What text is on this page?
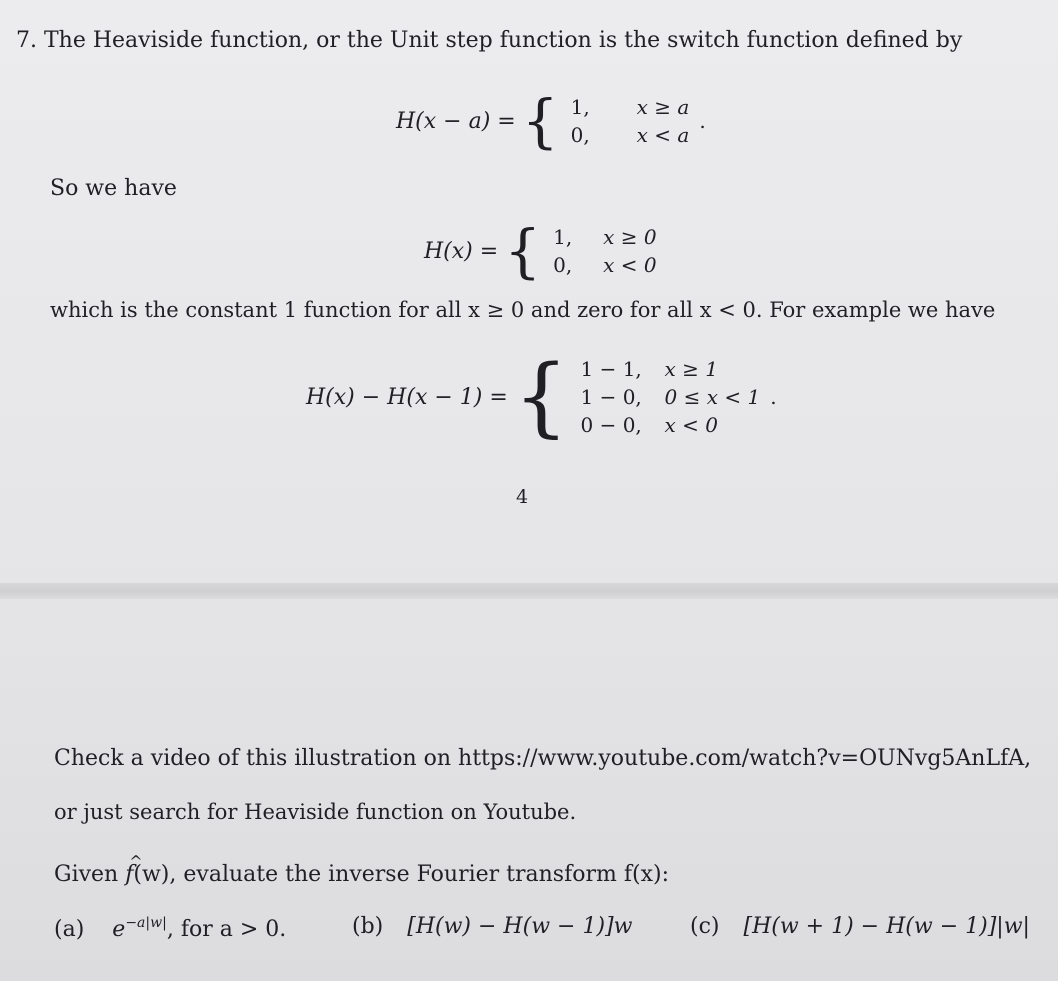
7. The Heaviside function, or the Unit step function is the switch function defined by
H(x − a) = { 1,	x ≥ a
0,	x < a
.
So we have
H(x) = { 1,	x ≥ 0
0,	x < 0
which is the constant 1 function for all x ≥ 0 and zero for all x < 0. For example we have
H(x) − H(x − 1) = { 1 − 1,	x ≥ 1
1 − 0,	0 ≤ x < 1
0 − 0,	x < 0
.
4
Check a video of this illustration on https://www.youtube.com/watch?v=OUNvg5AnLfA,
or just search for Heaviside function on Youtube.
Given ^ f(w), evaluate the inverse Fourier transform f(x):
(a) $e^{-a|w|}$, for a > 0.	(b) [H(w) − H(w − 1)]w	(c) [H(w + 1) − H(w − 1)]|w|
